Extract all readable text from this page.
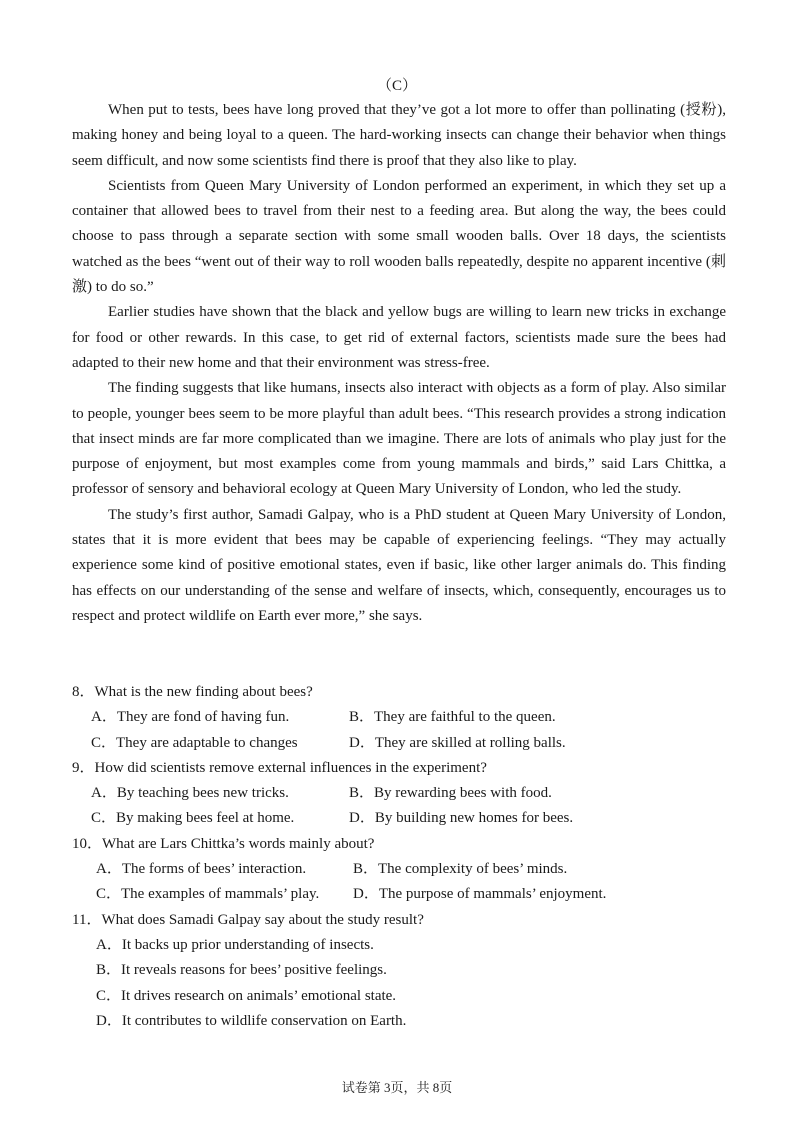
（C）

When put to tests, bees have long proved that they’ve got a lot more to offer than pollinating (授粉), making honey and being loyal to a queen. The hard-working insects can change their behavior when things seem difficult, and now some scientists find there is proof that they also like to play.

Scientists from Queen Mary University of London performed an experiment, in which they set up a container that allowed bees to travel from their nest to a feeding area. But along the way, the bees could choose to pass through a separate section with some small wooden balls. Over 18 days, the scientists watched as the bees “went out of their way to roll wooden balls repeatedly, despite no apparent incentive (刺激) to do so.”

Earlier studies have shown that the black and yellow bugs are willing to learn new tricks in exchange for food or other rewards. In this case, to get rid of external factors, scientists made sure the bees had adapted to their new home and that their environment was stress-free.

The finding suggests that like humans, insects also interact with objects as a form of play. Also similar to people, younger bees seem to be more playful than adult bees. “This research provides a strong indication that insect minds are far more complicated than we imagine. There are lots of animals who play just for the purpose of enjoyment, but most examples come from young mammals and birds,” said Lars Chittka, a professor of sensory and behavioral ecology at Queen Mary University of London, who led the study.

The study’s first author, Samadi Galpay, who is a PhD student at Queen Mary University of London, states that it is more evident that bees may be capable of experiencing feelings. “They may actually experience some kind of positive emotional states, even if basic, like other larger animals do. This finding has effects on our understanding of the sense and welfare of insects, which, consequently, encourages us to respect and protect wildlife on Earth ever more,” she says.

8．What is the new finding about bees?
A．They are fond of having fun.	B．They are faithful to the queen.
C．They are adaptable to changes	D．They are skilled at rolling balls.
9．How did scientists remove external influences in the experiment?
A．By teaching bees new tricks.	B．By rewarding bees with food.
C．By making bees feel at home.	D．By building new homes for bees.
10．What are Lars Chittka’s words mainly about?
A．The forms of bees’ interaction.	B．The complexity of bees’ minds.
C．The examples of mammals’ play.	D．The purpose of mammals’ enjoyment.
11．What does Samadi Galpay say about the study result?
A．It backs up prior understanding of insects.
B．It reveals reasons for bees’ positive feelings.
C．It drives research on animals’ emotional state.
D．It contributes to wildlife conservation on Earth.
试卷第 3页，共 8页
